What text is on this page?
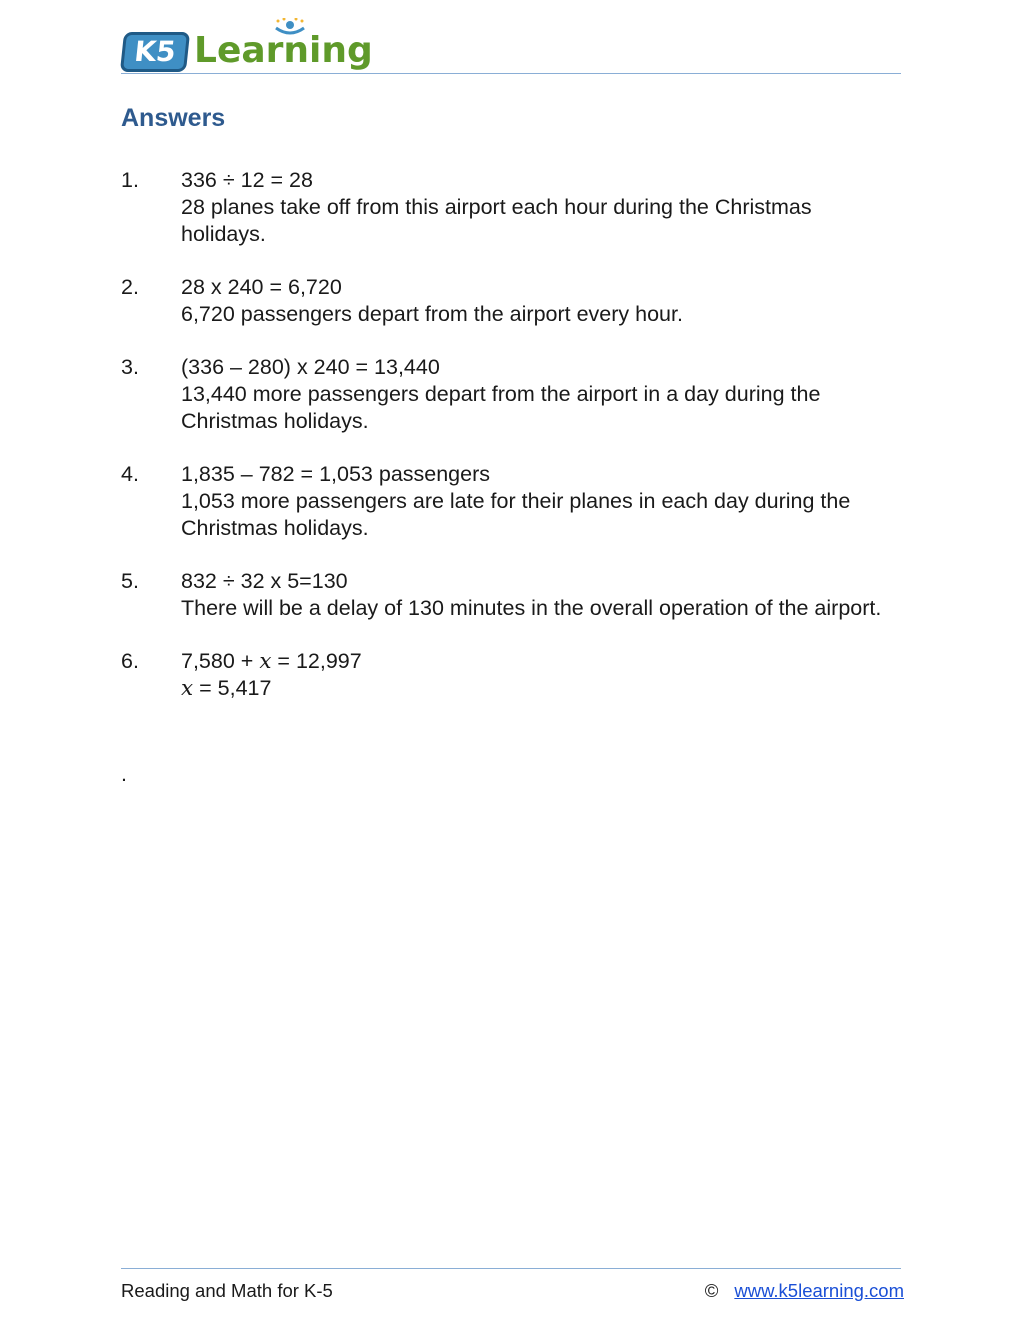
K5 Learning
Answers
1. 336 ÷ 12 = 28
28 planes take off from this airport each hour during the Christmas holidays.
2. 28 x 240 = 6,720
6,720 passengers depart from the airport every hour.
3. (336 – 280) x 240 = 13,440
13,440 more passengers depart from the airport in a day during the Christmas holidays.
4. 1,835 – 782 = 1,053 passengers
1,053 more passengers are late for their planes in each day during the Christmas holidays.
5. 832 ÷ 32 x 5=130
There will be a delay of 130 minutes in the overall operation of the airport.
6. 7,580 + x = 12,997
x = 5,417
.
Reading and Math for K-5	© www.k5learning.com
